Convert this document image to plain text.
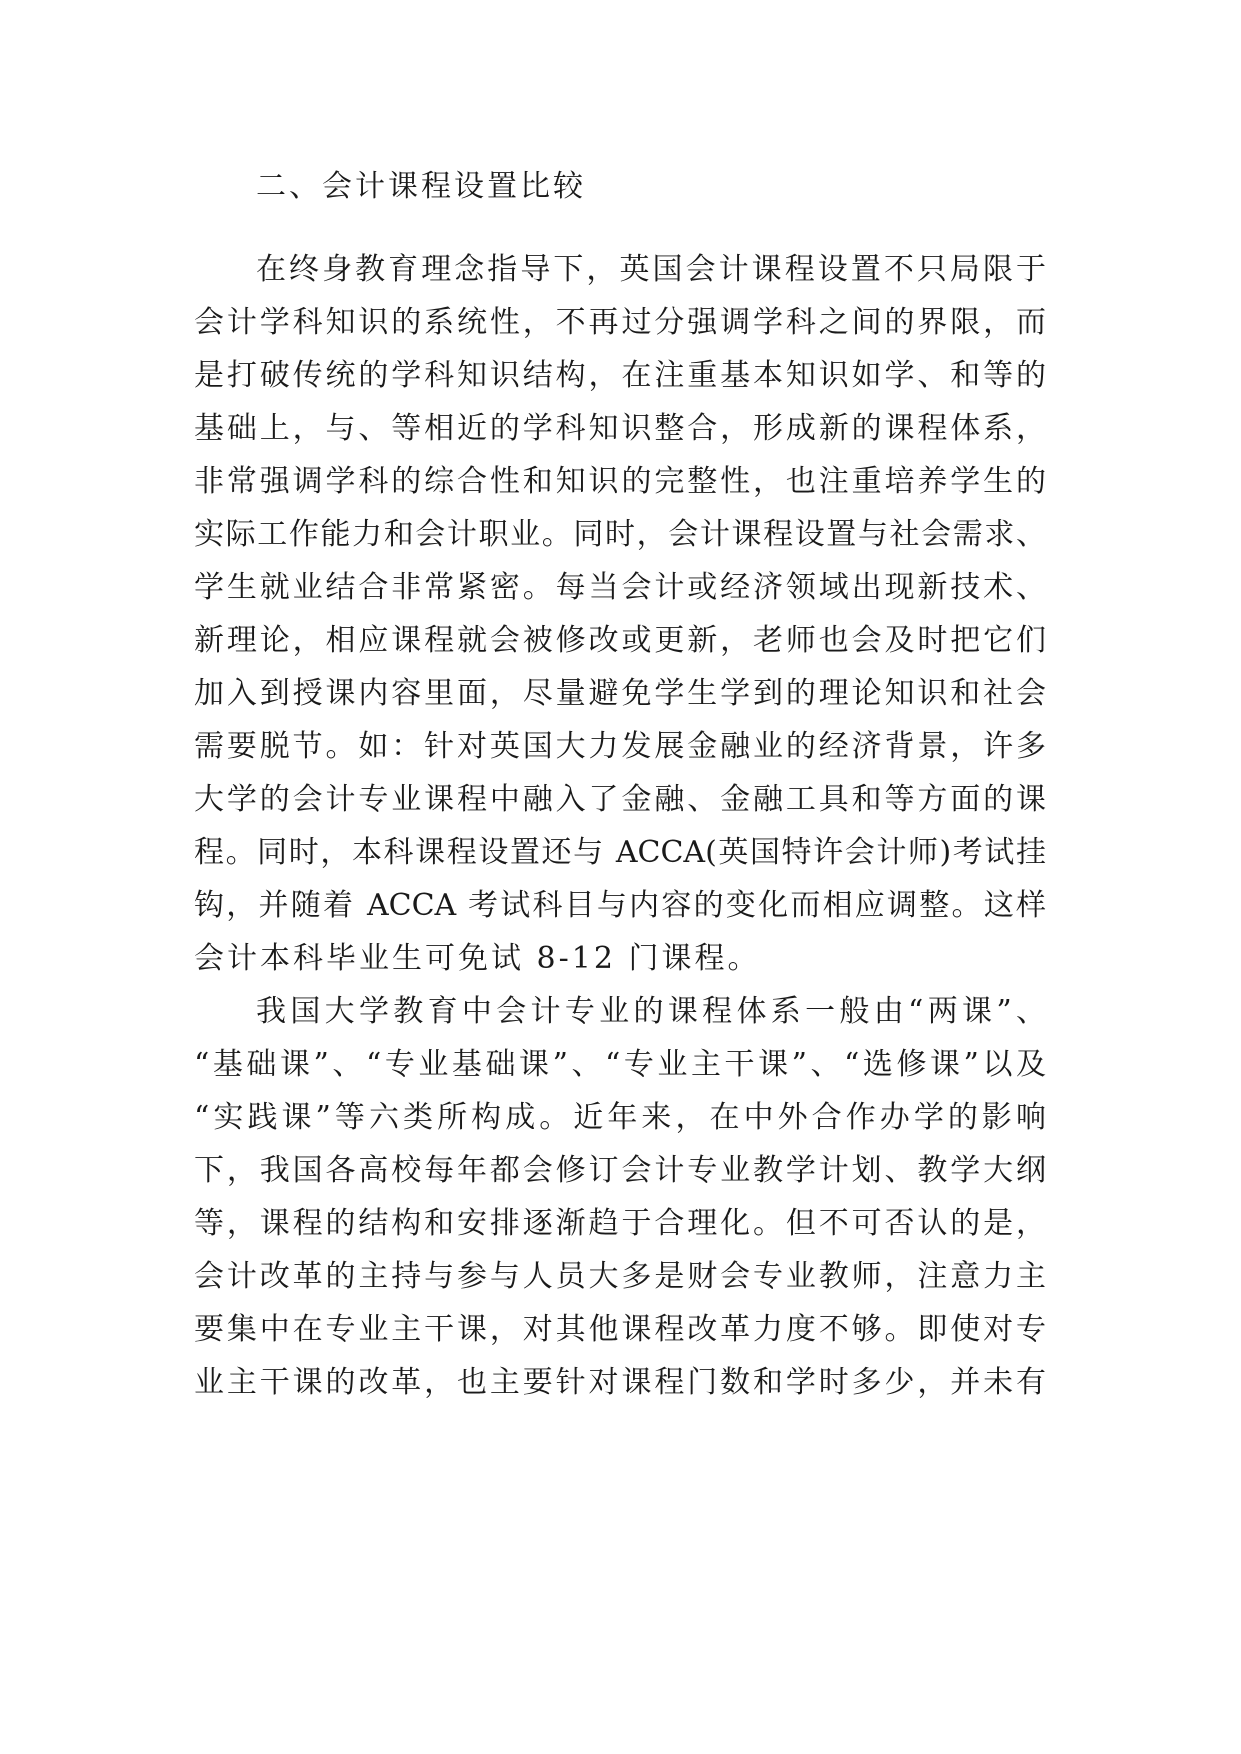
二、会计课程设置比较

在终身教育理念指导下，英国会计课程设置不只局限于

会计学科知识的系统性，不再过分强调学科之间的界限，而

是打破传统的学科知识结构，在注重基本知识如学、和等的

基础上，与、等相近的学科知识整合，形成新的课程体系，

非常强调学科的综合性和知识的完整性，也注重培养学生的

实际工作能力和会计职业。同时，会计课程设置与社会需求、

学生就业结合非常紧密。每当会计或经济领域出现新技术、

新理论，相应课程就会被修改或更新，老师也会及时把它们

加入到授课内容里面，尽量避免学生学到的理论知识和社会

需要脱节。如：针对英国大力发展金融业的经济背景，许多

大学的会计专业课程中融入了金融、金融工具和等方面的课

程。同时，本科课程设置还与 ACCA(英国特许会计师)考试挂

钩，并随着 ACCA 考试科目与内容的变化而相应调整。这样

会计本科毕业生可免试 8-12 门课程。

我国大学教育中会计专业的课程体系一般由“两课”、

“基础课”、“专业基础课”、“专业主干课”、“选修课”以及

“实践课”等六类所构成。近年来，在中外合作办学的影响

下，我国各高校每年都会修订会计专业教学计划、教学大纲

等，课程的结构和安排逐渐趋于合理化。但不可否认的是，

会计改革的主持与参与人员大多是财会专业教师，注意力主

要集中在专业主干课，对其他课程改革力度不够。即使对专

业主干课的改革，也主要针对课程门数和学时多少，并未有
